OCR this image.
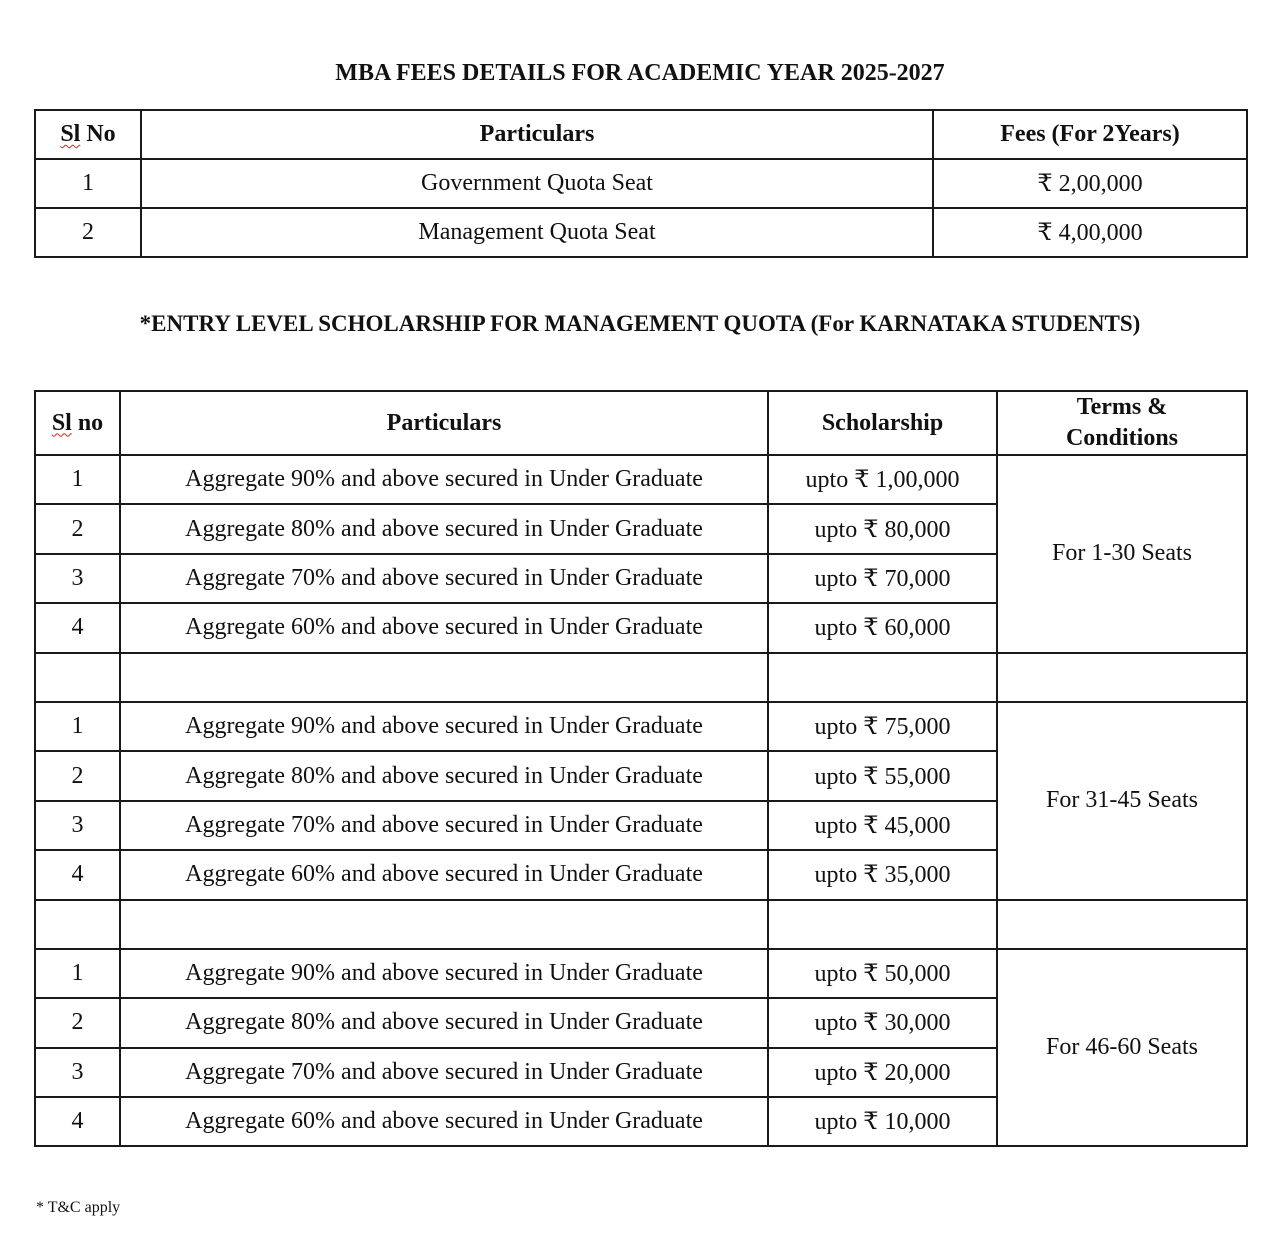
MBA FEES DETAILS FOR ACADEMIC YEAR 2025-2027
Sl No	Particulars	Fees (For 2Years)
1	Government Quota Seat	₹ 2,00,000
2	Management Quota Seat	₹ 4,00,000
*ENTRY LEVEL SCHOLARSHIP FOR MANAGEMENT QUOTA (For KARNATAKA STUDENTS)
Sl no	Particulars	Scholarship	Terms &
Conditions
1	Aggregate 90% and above secured in Under Graduate	upto ₹ 1,00,000	For 1-30 Seats
2	Aggregate 80% and above secured in Under Graduate	upto ₹ 80,000	
3	Aggregate 70% and above secured in Under Graduate	upto ₹ 70,000	
4	Aggregate 60% and above secured in Under Graduate	upto ₹ 60,000	

1	Aggregate 90% and above secured in Under Graduate	upto ₹ 75,000	For 31-45 Seats
2	Aggregate 80% and above secured in Under Graduate	upto ₹ 55,000	
3	Aggregate 70% and above secured in Under Graduate	upto ₹ 45,000	
4	Aggregate 60% and above secured in Under Graduate	upto ₹ 35,000	

1	Aggregate 90% and above secured in Under Graduate	upto ₹ 50,000	For 46-60 Seats
2	Aggregate 80% and above secured in Under Graduate	upto ₹ 30,000	
3	Aggregate 70% and above secured in Under Graduate	upto ₹ 20,000	
4	Aggregate 60% and above secured in Under Graduate	upto ₹ 10,000	

* T&C apply
